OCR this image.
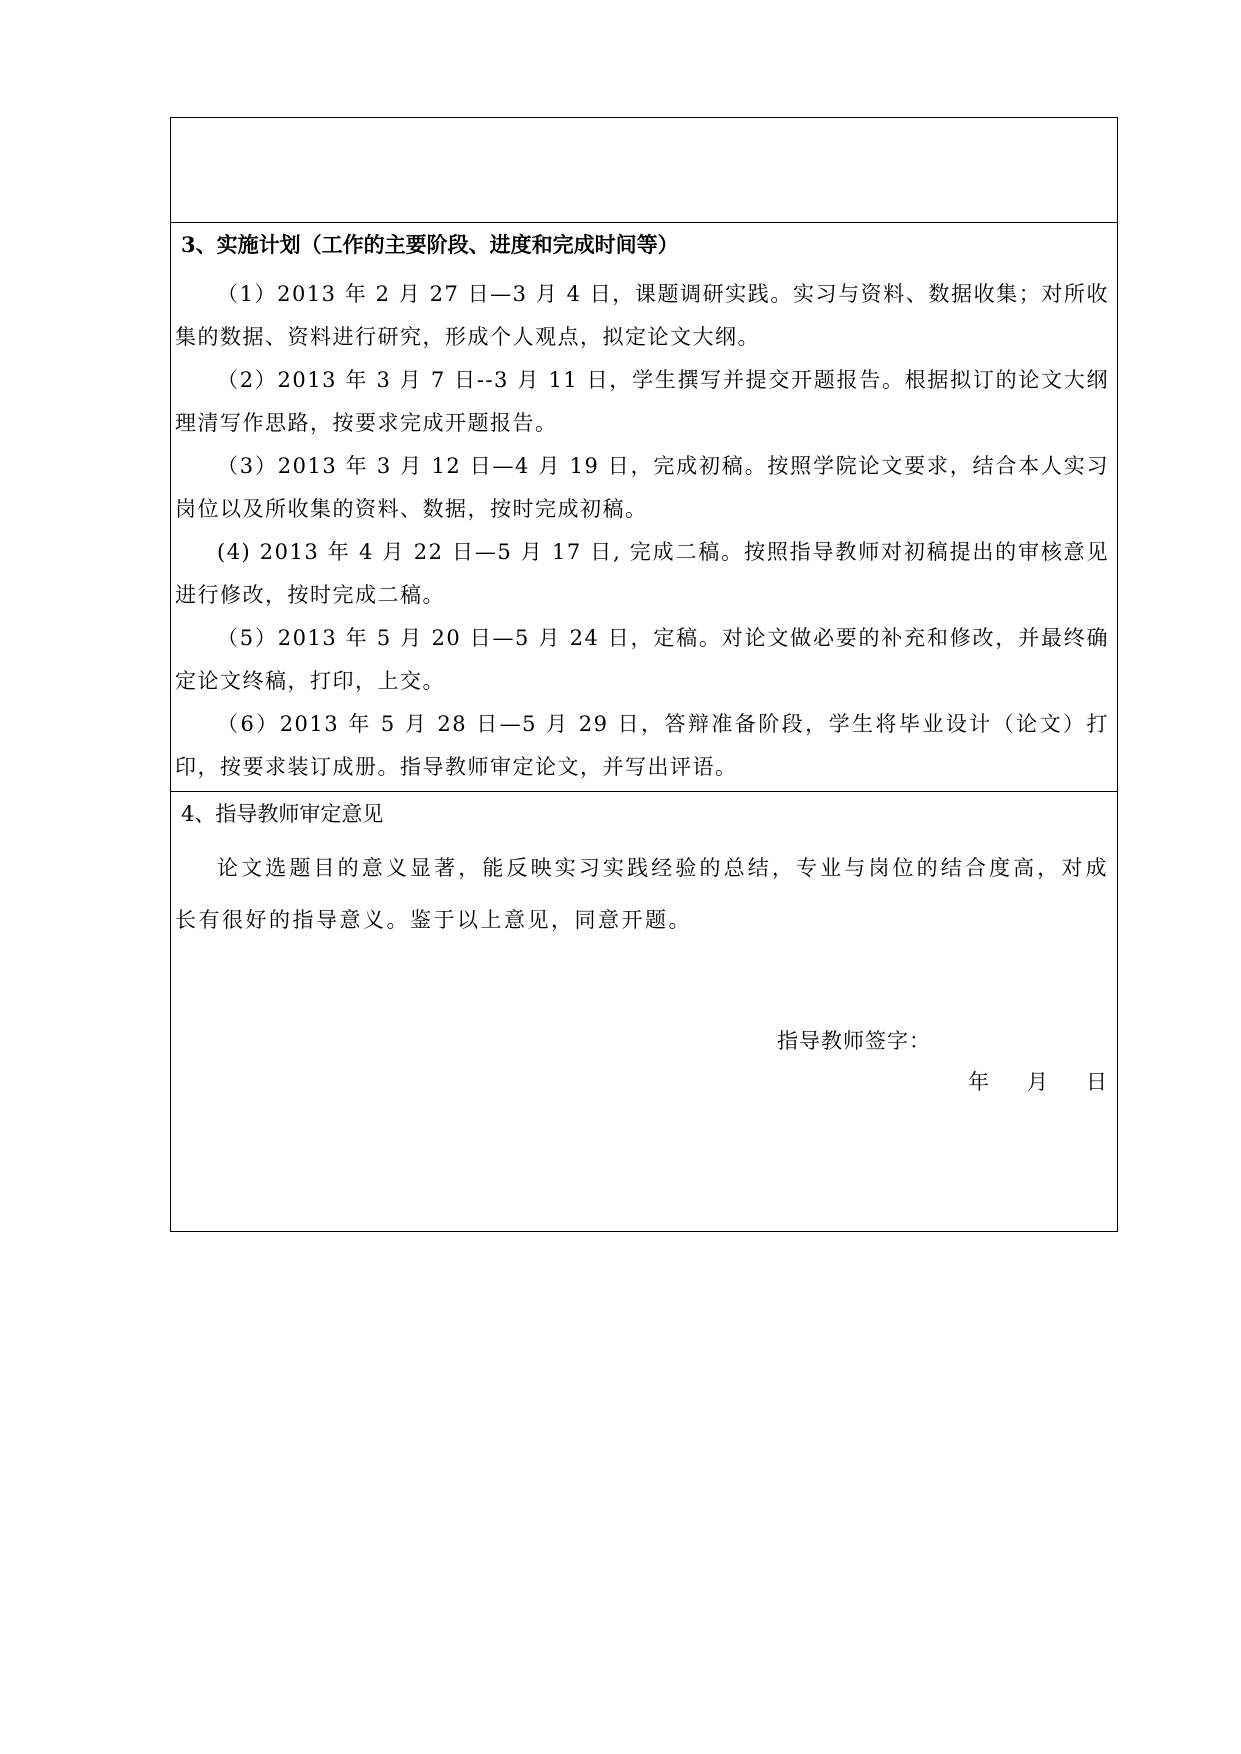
3、实施计划（工作的主要阶段、进度和完成时间等）

（1）2013 年 2 月 27 日—3 月 4 日，课题调研实践。实习与资料、数据收集；对所收集的数据、资料进行研究，形成个人观点，拟定论文大纲。

（2）2013 年 3 月 7 日--3 月 11 日，学生撰写并提交开题报告。根据拟订的论文大纲理清写作思路，按要求完成开题报告。

（3）2013 年 3 月 12 日—4 月 19 日，完成初稿。按照学院论文要求，结合本人实习岗位以及所收集的资料、数据，按时完成初稿。

(4) 2013 年 4 月 22 日—5 月 17 日, 完成二稿。按照指导教师对初稿提出的审核意见进行修改，按时完成二稿。

（5）2013 年 5 月 20 日—5 月 24 日，定稿。对论文做必要的补充和修改，并最终确定论文终稿，打印，上交。

（6）2013 年 5 月 28 日—5 月 29 日，答辩准备阶段，学生将毕业设计（论文）打印，按要求装订成册。指导教师审定论文，并写出评语。

4、指导教师审定意见

论文选题目的意义显著，能反映实习实践经验的总结，专业与岗位的结合度高，对成长有很好的指导意义。鉴于以上意见，同意开题。

指导教师签字：
年 月 日
